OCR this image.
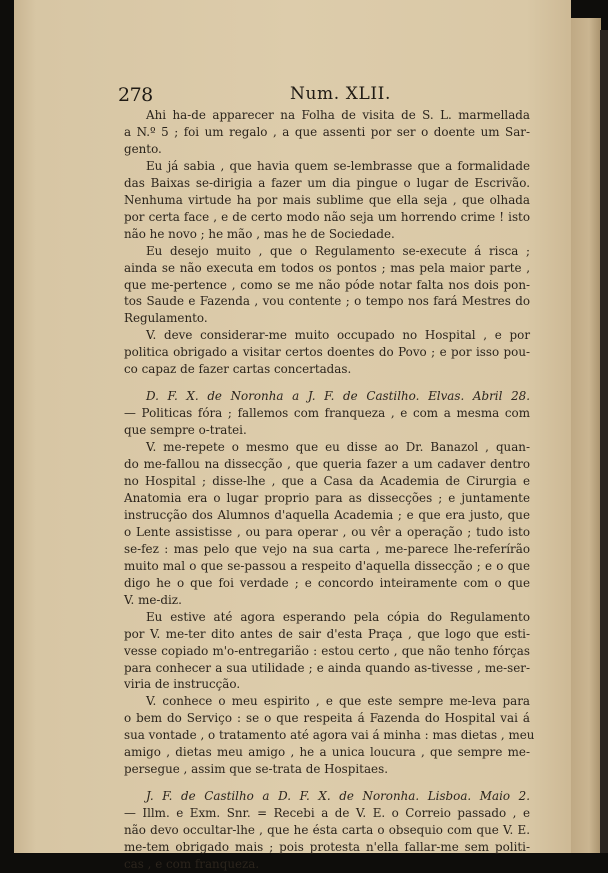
278	Num. XLII.
Ahi ha-de apparecer na Folha de visita de S. L. marmellada
a N.º 5 ; foi um regalo , a que assenti por ser o doente um Sar-
gento.
Eu já sabia , que havia quem se-lembrasse que a formalidade
das Baixas se-dirigia a fazer um dia pingue o lugar de Escrivão.
Nenhuma virtude ha por mais sublime que ella seja , que olhada
por certa face , e de certo modo não seja um horrendo crime ! isto
não he novo ; he mão , mas he de Sociedade.
Eu desejo muito , que o Regulamento se-execute á risca ;
ainda se não executa em todos os pontos ; mas pela maior parte ,
que me-pertence , como se me não póde notar falta nos dois pon-
tos Saude e Fazenda , vou contente ; o tempo nos fará Mestres do
Regulamento.
V. deve considerar-me muito occupado no Hospital , e por
politica obrigado a visitar certos doentes do Povo ; e por isso pou-
co capaz de fazer cartas concertadas.
D. F. X. de Noronha a J. F. de Castilho. Elvas. Abril 28.
— Politicas fóra ; fallemos com franqueza , e com a mesma com
que sempre o-tratei.
V. me-repete o mesmo que eu disse ao Dr. Banazol , quan-
do me-fallou na dissecção , que queria fazer a um cadaver dentro
no Hospital ; disse-lhe , que a Casa da Academia de Cirurgia e
Anatomia era o lugar proprio para as dissecções ; e juntamente
instrucção dos Alumnos d'aquella Academia ; e que era justo, que
o Lente assistisse , ou para operar , ou vêr a operação ; tudo isto
se-fez : mas pelo que vejo na sua carta , me-parece lhe-referírão
muito mal o que se-passou a respeito d'aquella dissecção ; e o que
digo he o que foi verdade ; e concordo inteiramente com o que
V. me-diz.
Eu estive até agora esperando pela cópia do Regulamento
por V. me-ter dito antes de sair d'esta Praça , que logo que esti-
vesse copiado m'o-entregarião : estou certo , que não tenho fórças
para conhecer a sua utilidade ; e ainda quando as-tivesse , me-ser-
viria de instrucção.
V. conhece o meu espirito , e que este sempre me-leva para
o bem do Serviço : se o que respeita á Fazenda do Hospital vai á
sua vontade , o tratamento até agora vai á minha : mas dietas , meu
amigo , dietas meu amigo , he a unica loucura , que sempre me-
persegue , assim que se-trata de Hospitaes.
J. F. de Castilho a D. F. X. de Noronha. Lisboa. Maio 2.
— Illm. e Exm. Snr. = Recebi a de V. E. o Correio passado , e
não devo occultar-lhe , que he ésta carta o obsequio com que V. E.
me-tem obrigado mais ; pois protesta n'ella fallar-me sem politi-
cas , e com franqueza.
